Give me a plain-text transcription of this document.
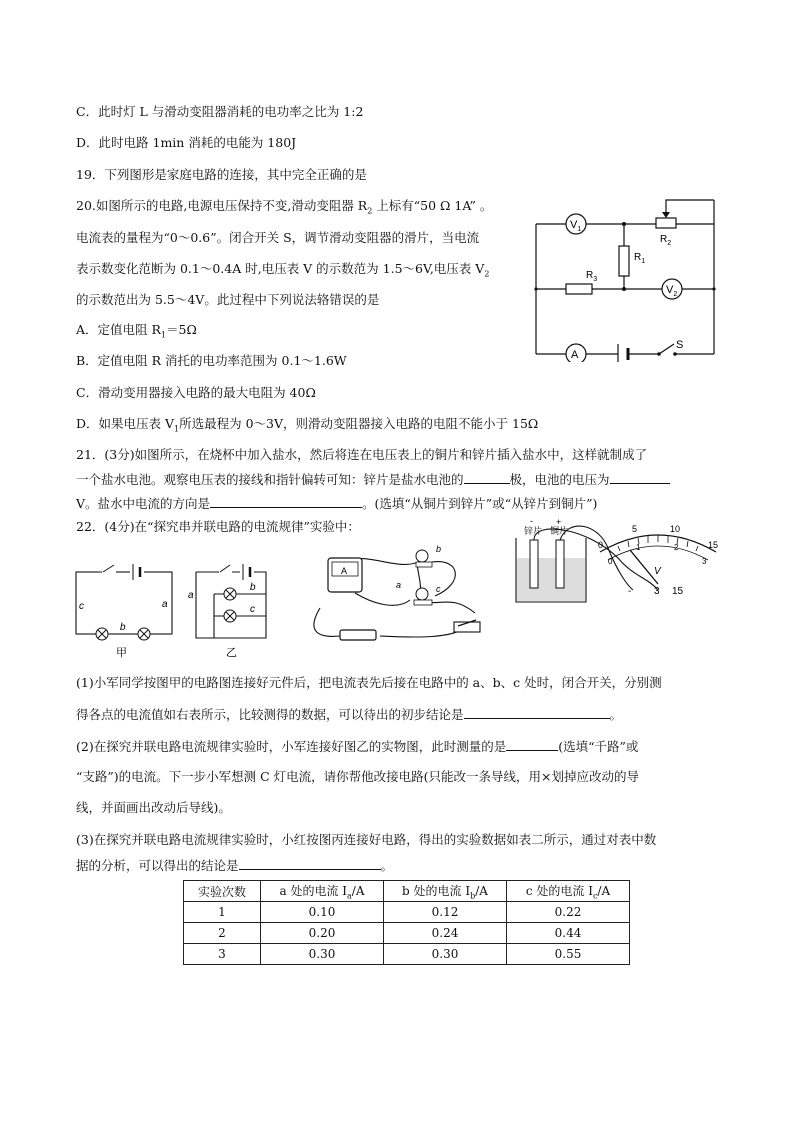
C．此时灯 L 与滑动变阻器消耗的电功率之比为 1:2
D．此时电路 1min 消耗的电能为 180J
19．下列图形是家庭电路的连接，其中完全正确的是
20.如图所示的电路,电源电压保持不变,滑动变阻器 $R_2$ 上标有“50 Ω 1A” 。
电流表的量程为“0～0.6”。闭合开关 S，调节滑动变阻器的滑片，当电流
表示数变化范断为 0.1～0.4A 时,电压表 V 的示数范为 1.5～6V,电压表 $V_2$
的示数范出为 5.5～4V。此过程中下列说法辂错误的是
A．定值电阻 $R_1=5\Omega$
B．定值电阻 R 消托的电功率范围为 0.1～1.6W
C．滑动变用器接入电路的最大电阻为 40Ω
D．如果电压表 $V_1$所选最程为 0～3V，则滑动变阻器接入电路的电阻不能小于 15Ω
$V_1$
$R_2$
$R_1$
$R_3$
$V_2$
A
S
21．(3分)如图所示，在烧杯中加入盐水，然后将连在电压表上的铜片和锌片插入盐水中，这样就制成了
一个盐水电池。观察电压表的接线和指针偏转可知：锌片是盐水电池的	极，电池的电压为
V。盐水中电流的方向是	。(选填“从铜片到锌片”或“从锌片到铜片”)
22．(4分)在“探究串并联电路的电流规律”实验中：
c	a
b
甲
a
b
c
乙
A
b
c
a
锌片 铜片
-	+
0
5	10
15
0
1	2
3
V
- 3 15
(1)小军同学按图甲的电路图连接好元件后，把电流表先后接在电路中的 a、b、c 处时，闭合开关，分别测
得各点的电流值如右表所示，比较测得的数据，可以待出的初步结论是	。
(2)在探究并联电路电流规律实验时，小军连接好图乙的实物图，此时测量的是	(选填“千路”或
“支路”)的电流。下一步小军想测 C 灯电流，请你帮他改接电路(只能改一条导线，用×划掉应改动的导
线，并面画出改动后导线)。
(3)在探究并联电路电流规律实验时，小红按图丙连接好电路，得出的实验数据如表二所示，通过对表中数
据的分析，可以得出的结论是	。
实验次数	a 处的电流 $I_a/A$	b 处的电流 $I_b/A$	c 处的电流 $I_c/A$
1	0.10	0.12	0.22
2	0.20	0.24	0.44
3	0.30	0.30	0.55
